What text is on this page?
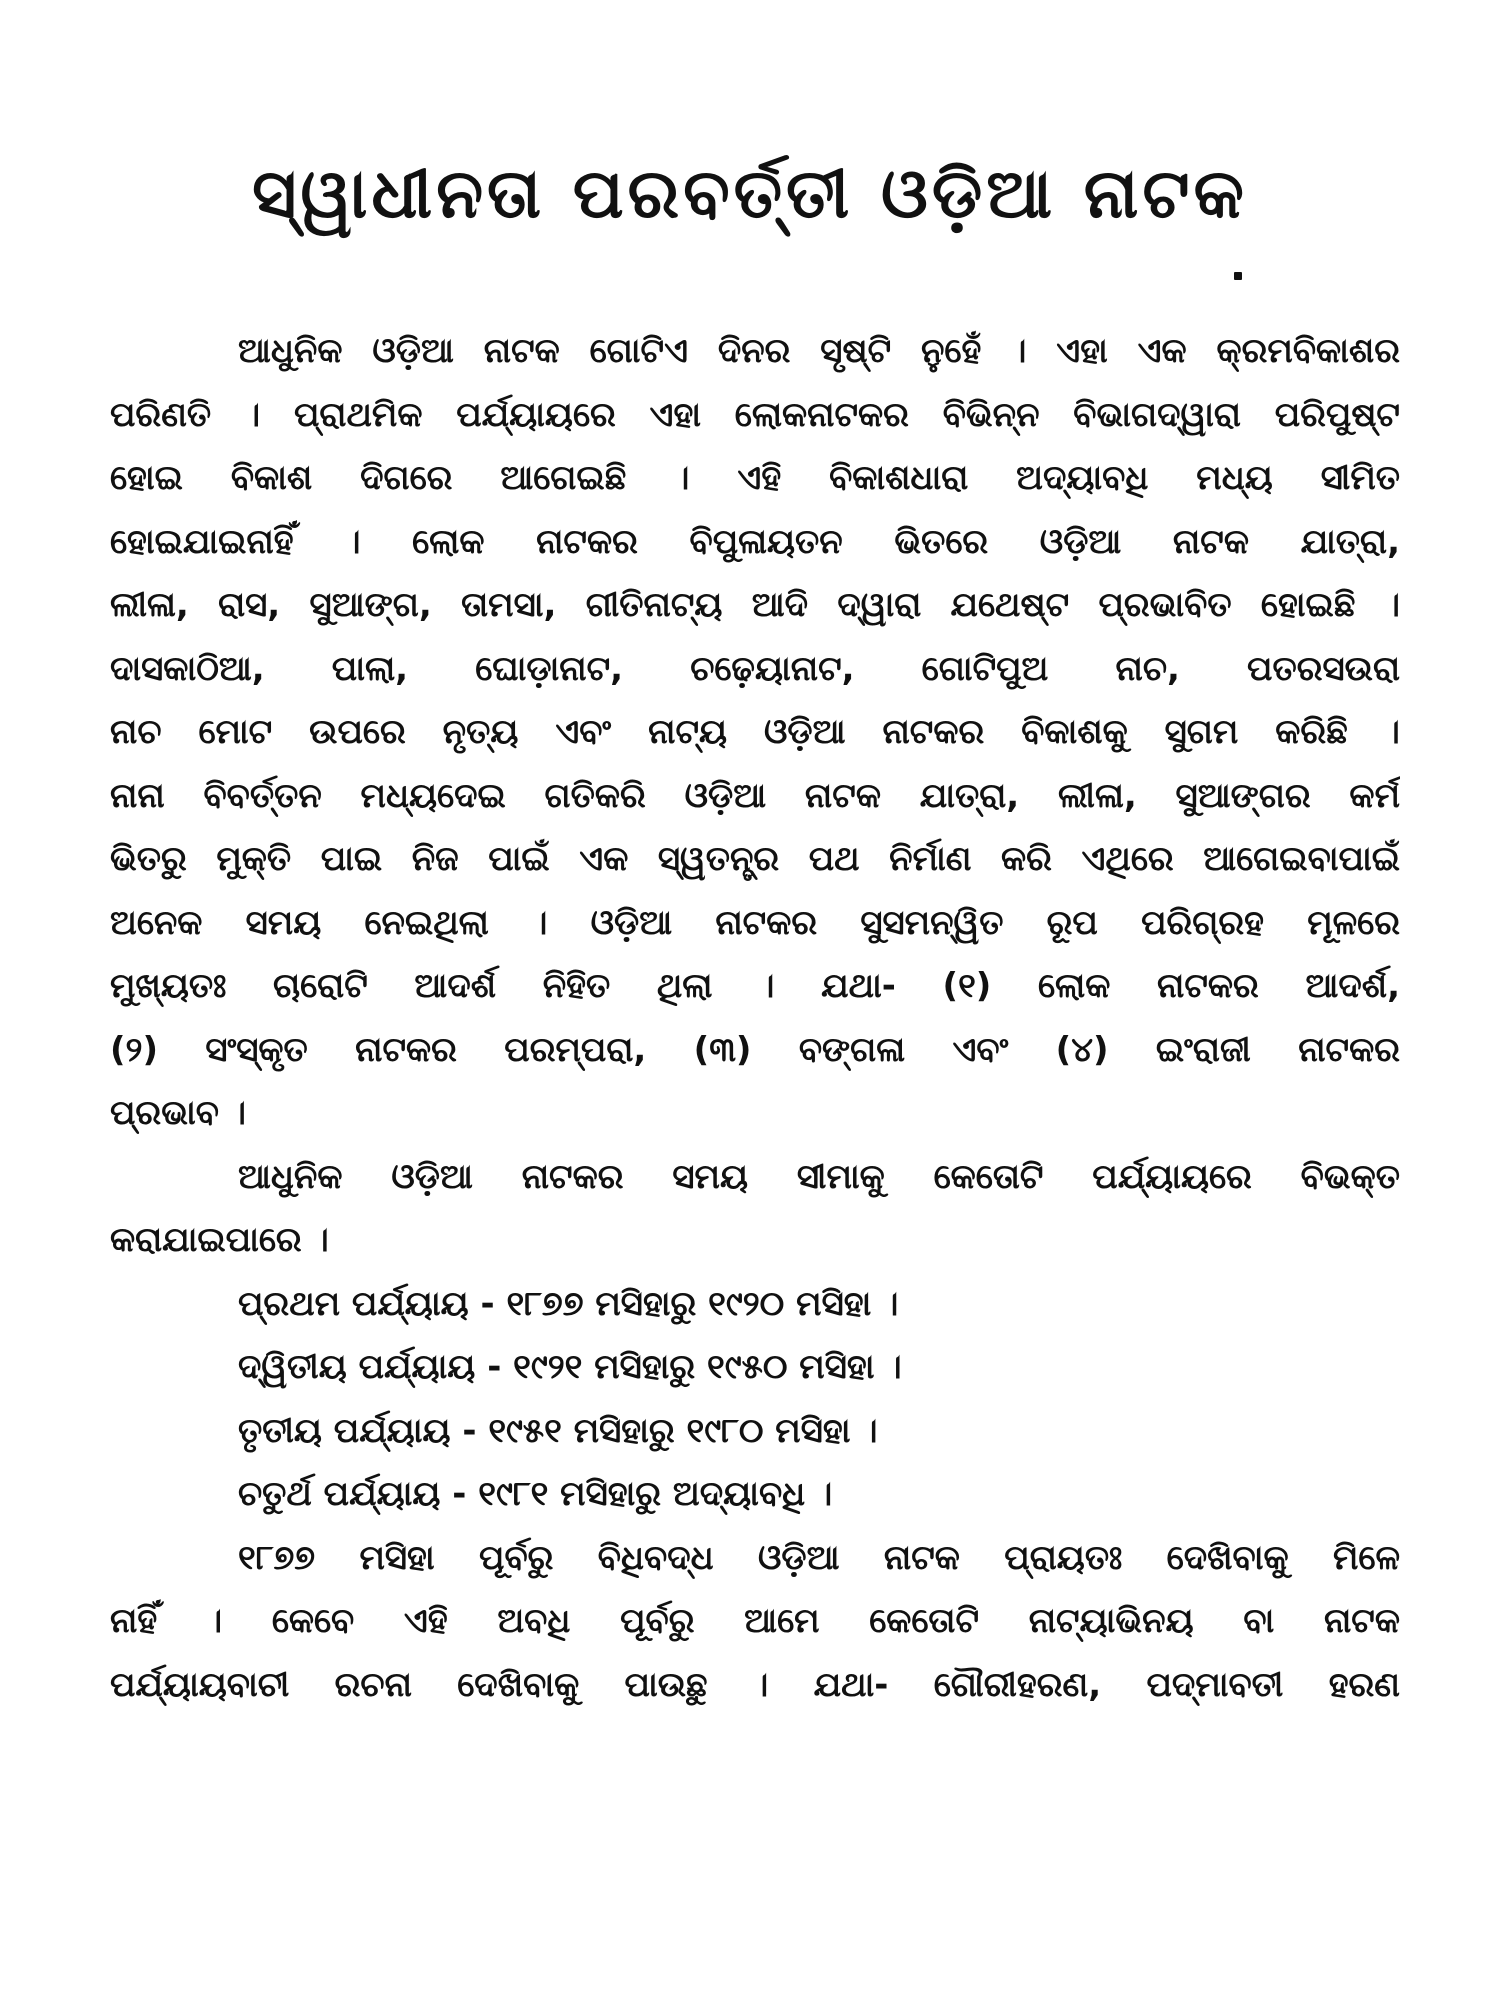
ସ୍ୱାଧୀନତା ପରବର୍ତ୍ତୀ ଓଡ଼ିଆ ନାଟକ
ଆଧୁନିକ ଓଡ଼ିଆ ନାଟକ ଗୋଟିଏ ଦିନର ସୃଷ୍ଟି ନୁହେଁ । ଏହା ଏକ କ୍ରମବିକାଶର
ପରିଣତି । ପ୍ରାଥମିକ ପର୍ଯ୍ୟାୟରେ ଏହା ଲୋକନାଟକର ବିଭିନ୍ନ ବିଭାଗଦ୍ୱାରା ପରିପୁଷ୍ଟ
ହୋଇ ବିକାଶ ଦିଗରେ ଆଗେଇଛି । ଏହି ବିକାଶଧାରା ଅଦ୍ୟାବଧି ମଧ୍ୟ ସୀମିତ
ହୋଇଯାଇନାହିଁ । ଲୋକ ନାଟକର ବିପୁଳାୟତନ ଭିତରେ ଓଡ଼ିଆ ନାଟକ ଯାତ୍ରା,
ଲୀଳା, ରାସ, ସୁଆଙ୍ଗ, ତାମସା, ଗୀତିନାଟ୍ୟ ଆଦି ଦ୍ୱାରା ଯଥେଷ୍ଟ ପ୍ରଭାବିତ ହୋଇଛି ।
ଦାସକାଠିଆ, ପାଲା, ଘୋଡ଼ାନାଟ, ଚଢ଼େୟାନାଟ, ଗୋଟିପୁଅ ନାଚ, ପତରସଉରା
ନାଚ ମୋଟ ଉପରେ ନୃତ୍ୟ ଏବଂ ନାଟ୍ୟ ଓଡ଼ିଆ ନାଟକର ବିକାଶକୁ ସୁଗମ କରିଛି ।
ନାନା ବିବର୍ତ୍ତନ ମଧ୍ୟଦେଇ ଗତିକରି ଓଡ଼ିଆ ନାଟକ ଯାତ୍ରା, ଲୀଳା, ସୁଆଙ୍ଗର କର୍ମ
ଭିତରୁ ମୁକ୍ତି ପାଇ ନିଜ ପାଇଁ ଏକ ସ୍ୱତନ୍ତ୍ର ପଥ ନିର୍ମାଣ କରି ଏଥିରେ ଆଗେଇବାପାଇଁ
ଅନେକ ସମୟ ନେଇଥିଲା । ଓଡ଼ିଆ ନାଟକର ସୁସମନ୍ୱିତ ରୂପ ପରିଗ୍ରହ ମୂଳରେ
ମୁଖ୍ୟତଃ ଚାରୋଟି ଆଦର୍ଶ ନିହିତ ଥିଲା । ଯଥା- (୧) ଲୋକ ନାଟକର ଆଦର୍ଶ,
(୨) ସଂସ୍କୃତ ନାଟକର ପରମ୍ପରା, (୩) ବଙ୍ଗଳା ଏବଂ (୪) ଇଂରାଜୀ ନାଟକର
ପ୍ରଭାବ ।
ଆଧୁନିକ ଓଡ଼ିଆ ନାଟକର ସମୟ ସୀମାକୁ କେତୋଟି ପର୍ଯ୍ୟାୟରେ ବିଭକ୍ତ
କରାଯାଇପାରେ ।
ପ୍ରଥମ ପର୍ଯ୍ୟାୟ - ୧୮୭୭ ମସିହାରୁ ୧୯୨୦ ମସିହା ।
ଦ୍ୱିତୀୟ ପର୍ଯ୍ୟାୟ - ୧୯୨୧ ମସିହାରୁ ୧୯୫୦ ମସିହା ।
ତୃତୀୟ ପର୍ଯ୍ୟାୟ - ୧୯୫୧ ମସିହାରୁ ୧୯୮୦ ମସିହା ।
ଚତୁର୍ଥ ପର୍ଯ୍ୟାୟ - ୧୯୮୧ ମସିହାରୁ ଅଦ୍ୟାବଧି ।
୧୮୭୭ ମସିହା ପୂର୍ବରୁ ବିଧିବଦ୍ଧ ଓଡ଼ିଆ ନାଟକ ପ୍ରାୟତଃ ଦେଖିବାକୁ ମିଳେ
ନାହିଁ । କେବେ ଏହି ଅବଧି ପୂର୍ବରୁ ଆମେ କେତୋଟି ନାଟ୍ୟାଭିନୟ ବା ନାଟକ
ପର୍ଯ୍ୟାୟବାଚୀ ରଚନା ଦେଖିବାକୁ ପାଉଛୁ । ଯଥା- ଗୌରୀହରଣ, ପଦ୍ମାବତୀ ହରଣ
